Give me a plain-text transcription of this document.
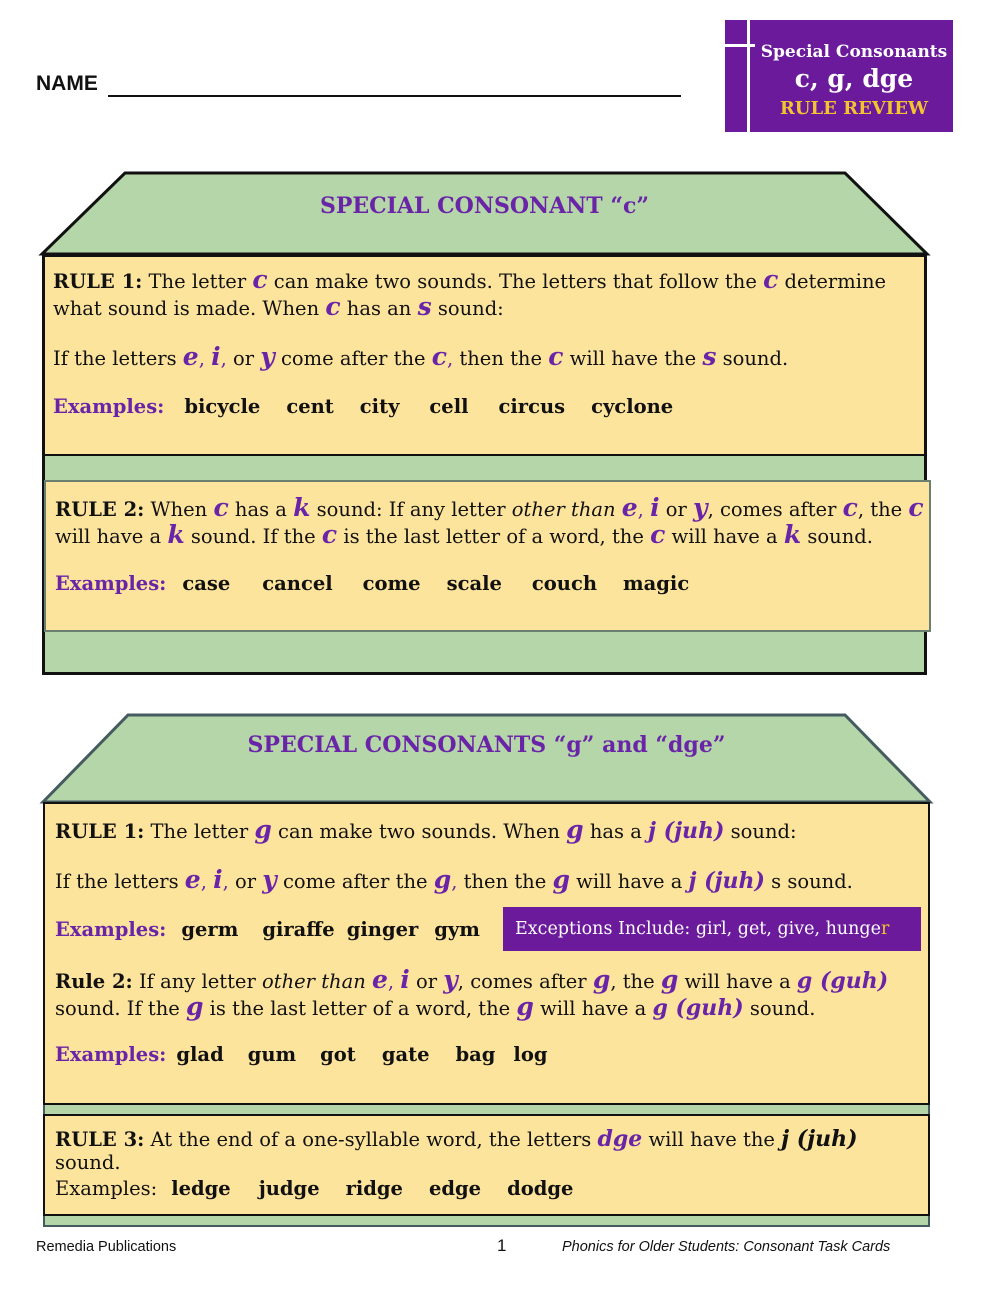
NAME
Special Consonants
c, g, dge
RULE REVIEW
SPECIAL CONSONANT “c”
RULE 1: The letter c can make two sounds. The letters that follow the c determine
what sound is made. When c has an s sound:
If the letters e, i, or y come after the c, then the c will have the s sound.
Examples: bicycle cent city cell circus cyclone
RULE 2: When c has a k sound: If any letter other than e, i or y, comes after c, the c
will have a k sound. If the c is the last letter of a word, the c will have a k sound.
Examples: case cancel come scale couch magic
SPECIAL CONSONANTS “g” and “dge”
RULE 1: The letter g can make two sounds. When g has a j (juh) sound:
If the letters e, i, or y come after the g, then the g will have a j (juh) s sound.
Examples: germ giraffe ginger gym	Exceptions Include: girl, get, give, hunger
Rule 2: If any letter other than e, i or y, comes after g, the g will have a g (guh)
sound. If the g is the last letter of a word, the g will have a g (guh) sound.
Examples: glad gum got gate bag log
RULE 3: At the end of a one-syllable word, the letters dge will have the j (juh)
sound.
Examples: ledge judge ridge edge dodge
Remedia Publications	1	Phonics for Older Students: Consonant Task Cards
